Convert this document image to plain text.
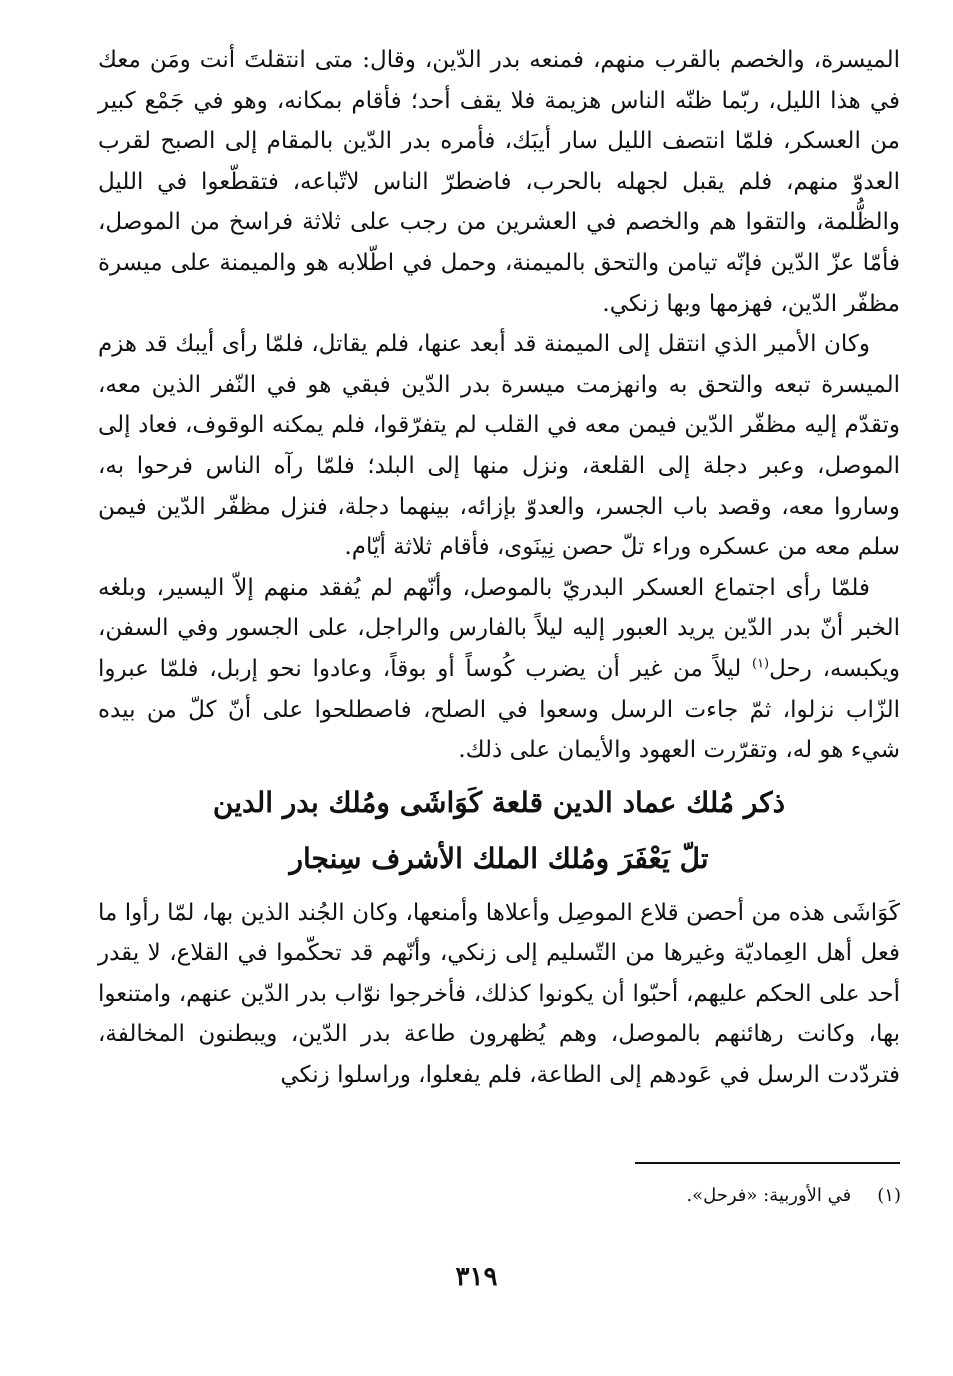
الميسرة، والخصم بالقرب منهم، فمنعه بدر الدّين، وقال: متى انتقلتَ أنت ومَن معك في هذا الليل، ربّما ظنّه الناس هزيمة فلا يقف أحد؛ فأقام بمكانه، وهو في جَمْع كبير من العسكر، فلمّا انتصف الليل سار أيبَك، فأمره بدر الدّين بالمقام إلى الصبح لقرب العدوّ منهم، فلم يقبل لجهله بالحرب، فاضطرّ الناس لاتّباعه، فتقطّعوا في الليل والظُّلمة، والتقوا هم والخصم في العشرين من رجب على ثلاثة فراسخ من الموصل، فأمّا عزّ الدّين فإنّه تيامن والتحق بالميمنة، وحمل في اطّلابه هو والميمنة على ميسرة مظفّر الدّين، فهزمها وبها زنكي.

وكان الأمير الذي انتقل إلى الميمنة قد أبعد عنها، فلم يقاتل، فلمّا رأى أيبك قد هزم الميسرة تبعه والتحق به وانهزمت ميسرة بدر الدّين فبقي هو في النّفر الذين معه، وتقدّم إليه مظفّر الدّين فيمن معه في القلب لم يتفرّقوا، فلم يمكنه الوقوف، فعاد إلى الموصل، وعبر دجلة إلى القلعة، ونزل منها إلى البلد؛ فلمّا رآه الناس فرحوا به، وساروا معه، وقصد باب الجسر، والعدوّ بإزائه، بينهما دجلة، فنزل مظفّر الدّين فيمن سلم معه من عسكره وراء تلّ حصن نِينَوى، فأقام ثلاثة أيّام.

فلمّا رأى اجتماع العسكر البدريّ بالموصل، وأنّهم لم يُفقد منهم إلاّ اليسير، وبلغه الخبر أنّ بدر الدّين يريد العبور إليه ليلاً بالفارس والراجل، على الجسور وفي السفن، ويكبسه، رحل$^{(١)}$ ليلاً من غير أن يضرب كُوساً أو بوقاً، وعادوا نحو إربل، فلمّا عبروا الزّاب نزلوا، ثمّ جاءت الرسل وسعوا في الصلح، فاصطلحوا على أنّ كلّ من بيده شيء هو له، وتقرّرت العهود والأيمان على ذلك.

ذكر مُلك عماد الدين قلعة كَوَاشَى ومُلك بدر الدين
تلّ يَعْفَرَ ومُلك الملك الأشرف سِنجار

كَوَاشَى هذه من أحصن قلاع الموصِل وأعلاها وأمنعها، وكان الجُند الذين بها، لمّا رأوا ما فعل أهل العِماديّة وغيرها من التّسليم إلى زنكي، وأنّهم قد تحكّموا في القلاع، لا يقدر أحد على الحكم عليهم، أحبّوا أن يكونوا كذلك، فأخرجوا نوّاب بدر الدّين عنهم، وامتنعوا بها، وكانت رهائنهم بالموصل، وهم يُظهرون طاعة بدر الدّين، ويبطنون المخالفة، فتردّدت الرسل في عَودهم إلى الطاعة، فلم يفعلوا، وراسلوا زنكي

(١)في الأوربية: «فرحل».
٣١٩
